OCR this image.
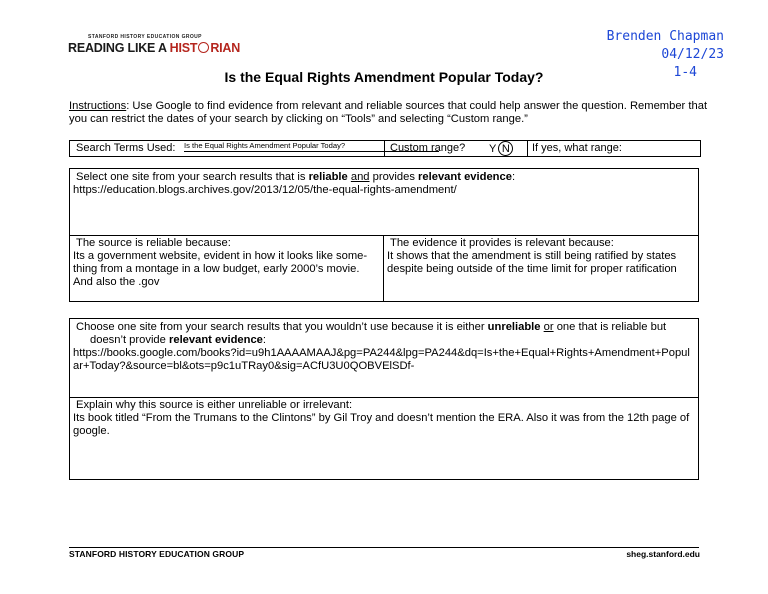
STANFORD HISTORY EDUCATION GROUP
READING LIKE A HIST RIAN
Brenden Chapman
04/12/23
1-4
Is the Equal Rights Amendment Popular Today?
Instructions: Use Google to find evidence from relevant and reliable sources that could help answer the question. Remember that you can restrict the dates of your search by clicking on “Tools” and selecting “Custom range.”
Search Terms Used: Is the Equal Rights Amendment Popular Today?	Custom range? Y N	If yes, what range:
Select one site from your search results that is reliable and provides relevant evidence:
https://education.blogs.archives.gov/2013/12/05/the-equal-rights-amendment/
The source is reliable because:
Its a government website, evident in how it looks like some-thing from a montage in a low budget, early 2000’s movie. And also the .gov
The evidence it provides is relevant because:
It shows that the amendment is still being ratified by states despite being outside of the time limit for proper ratification
Choose one site from your search results that you wouldn’t use because it is either unreliable or one that is reliable but
doesn’t provide relevant evidence:
https://books.google.com/books?id=u9h1AAAAMAAJ&pg=PA244&lpg=PA244&dq=Is+the+Equal+Rights+Amendment+Popular+Today?&source=bl&ots=p9c1uTRay0&sig=ACfU3U0QOBVElSDf-
Explain why this source is either unreliable or irrelevant:
Its book titled “From the Trumans to the Clintons” by Gil Troy and doesn’t mention the ERA. Also it was from the 12th page of google.
STANFORD HISTORY EDUCATION GROUP	sheg.stanford.edu
